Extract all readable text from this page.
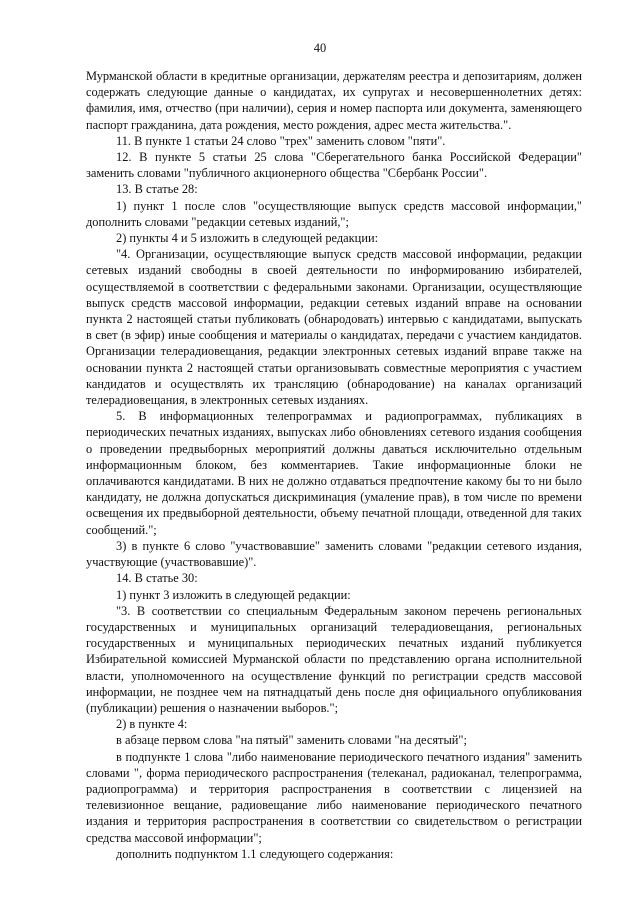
40

Мурманской области в кредитные организации, держателям реестра и депозитариям, должен содержать следующие данные о кандидатах, их супругах и несовершеннолетних детях: фамилия, имя, отчество (при наличии), серия и номер паспорта или документа, заменяющего паспорт гражданина, дата рождения, место рождения, адрес места жительства.".

11. В пункте 1 статьи 24 слово "трех" заменить словом "пяти".

12. В пункте 5 статьи 25 слова "Сберегательного банка Российской Федерации" заменить словами "публичного акционерного общества "Сбербанк России".

13. В статье 28:

1) пункт 1 после слов "осуществляющие выпуск средств массовой информации," дополнить словами "редакции сетевых изданий,";

2) пункты 4 и 5 изложить в следующей редакции:

"4. Организации, осуществляющие выпуск средств массовой информации, редакции сетевых изданий свободны в своей деятельности по информированию избирателей, осуществляемой в соответствии с федеральными законами. Организации, осуществляющие выпуск средств массовой информации, редакции сетевых изданий вправе на основании пункта 2 настоящей статьи публиковать (обнародовать) интервью с кандидатами, выпускать в свет (в эфир) иные сообщения и материалы о кандидатах, передачи с участием кандидатов. Организации телерадиовещания, редакции электронных сетевых изданий вправе также на основании пункта 2 настоящей статьи организовывать совместные мероприятия с участием кандидатов и осуществлять их трансляцию (обнародование) на каналах организаций телерадиовещания, в электронных сетевых изданиях.

5. В информационных телепрограммах и радиопрограммах, публикациях в периодических печатных изданиях, выпусках либо обновлениях сетевого издания сообщения о проведении предвыборных мероприятий должны даваться исключительно отдельным информационным блоком, без комментариев. Такие информационные блоки не оплачиваются кандидатами. В них не должно отдаваться предпочтение какому бы то ни было кандидату, не должна допускаться дискриминация (умаление прав), в том числе по времени освещения их предвыборной деятельности, объему печатной площади, отведенной для таких сообщений.";

3) в пункте 6 слово "участвовавшие" заменить словами "редакции сетевого издания, участвующие (участвовавшие)".

14. В статье 30:

1) пункт 3 изложить в следующей редакции:

"3. В соответствии со специальным Федеральным законом перечень региональных государственных и муниципальных организаций телерадиовещания, региональных государственных и муниципальных периодических печатных изданий публикуется Избирательной комиссией Мурманской области по представлению органа исполнительной власти, уполномоченного на осуществление функций по регистрации средств массовой информации, не позднее чем на пятнадцатый день после дня официального опубликования (публикации) решения о назначении выборов.";

2) в пункте 4:

в абзаце первом слова "на пятый" заменить словами "на десятый";

в подпункте 1 слова "либо наименование периодического печатного издания" заменить словами ", форма периодического распространения (телеканал, радиоканал, телепрограмма, радиопрограмма) и территория распространения в соответствии с лицензией на телевизионное вещание, радиовещание либо наименование периодического печатного издания и территория распространения в соответствии со свидетельством о регистрации средства массовой информации";

дополнить подпунктом 1.1 следующего содержания:
